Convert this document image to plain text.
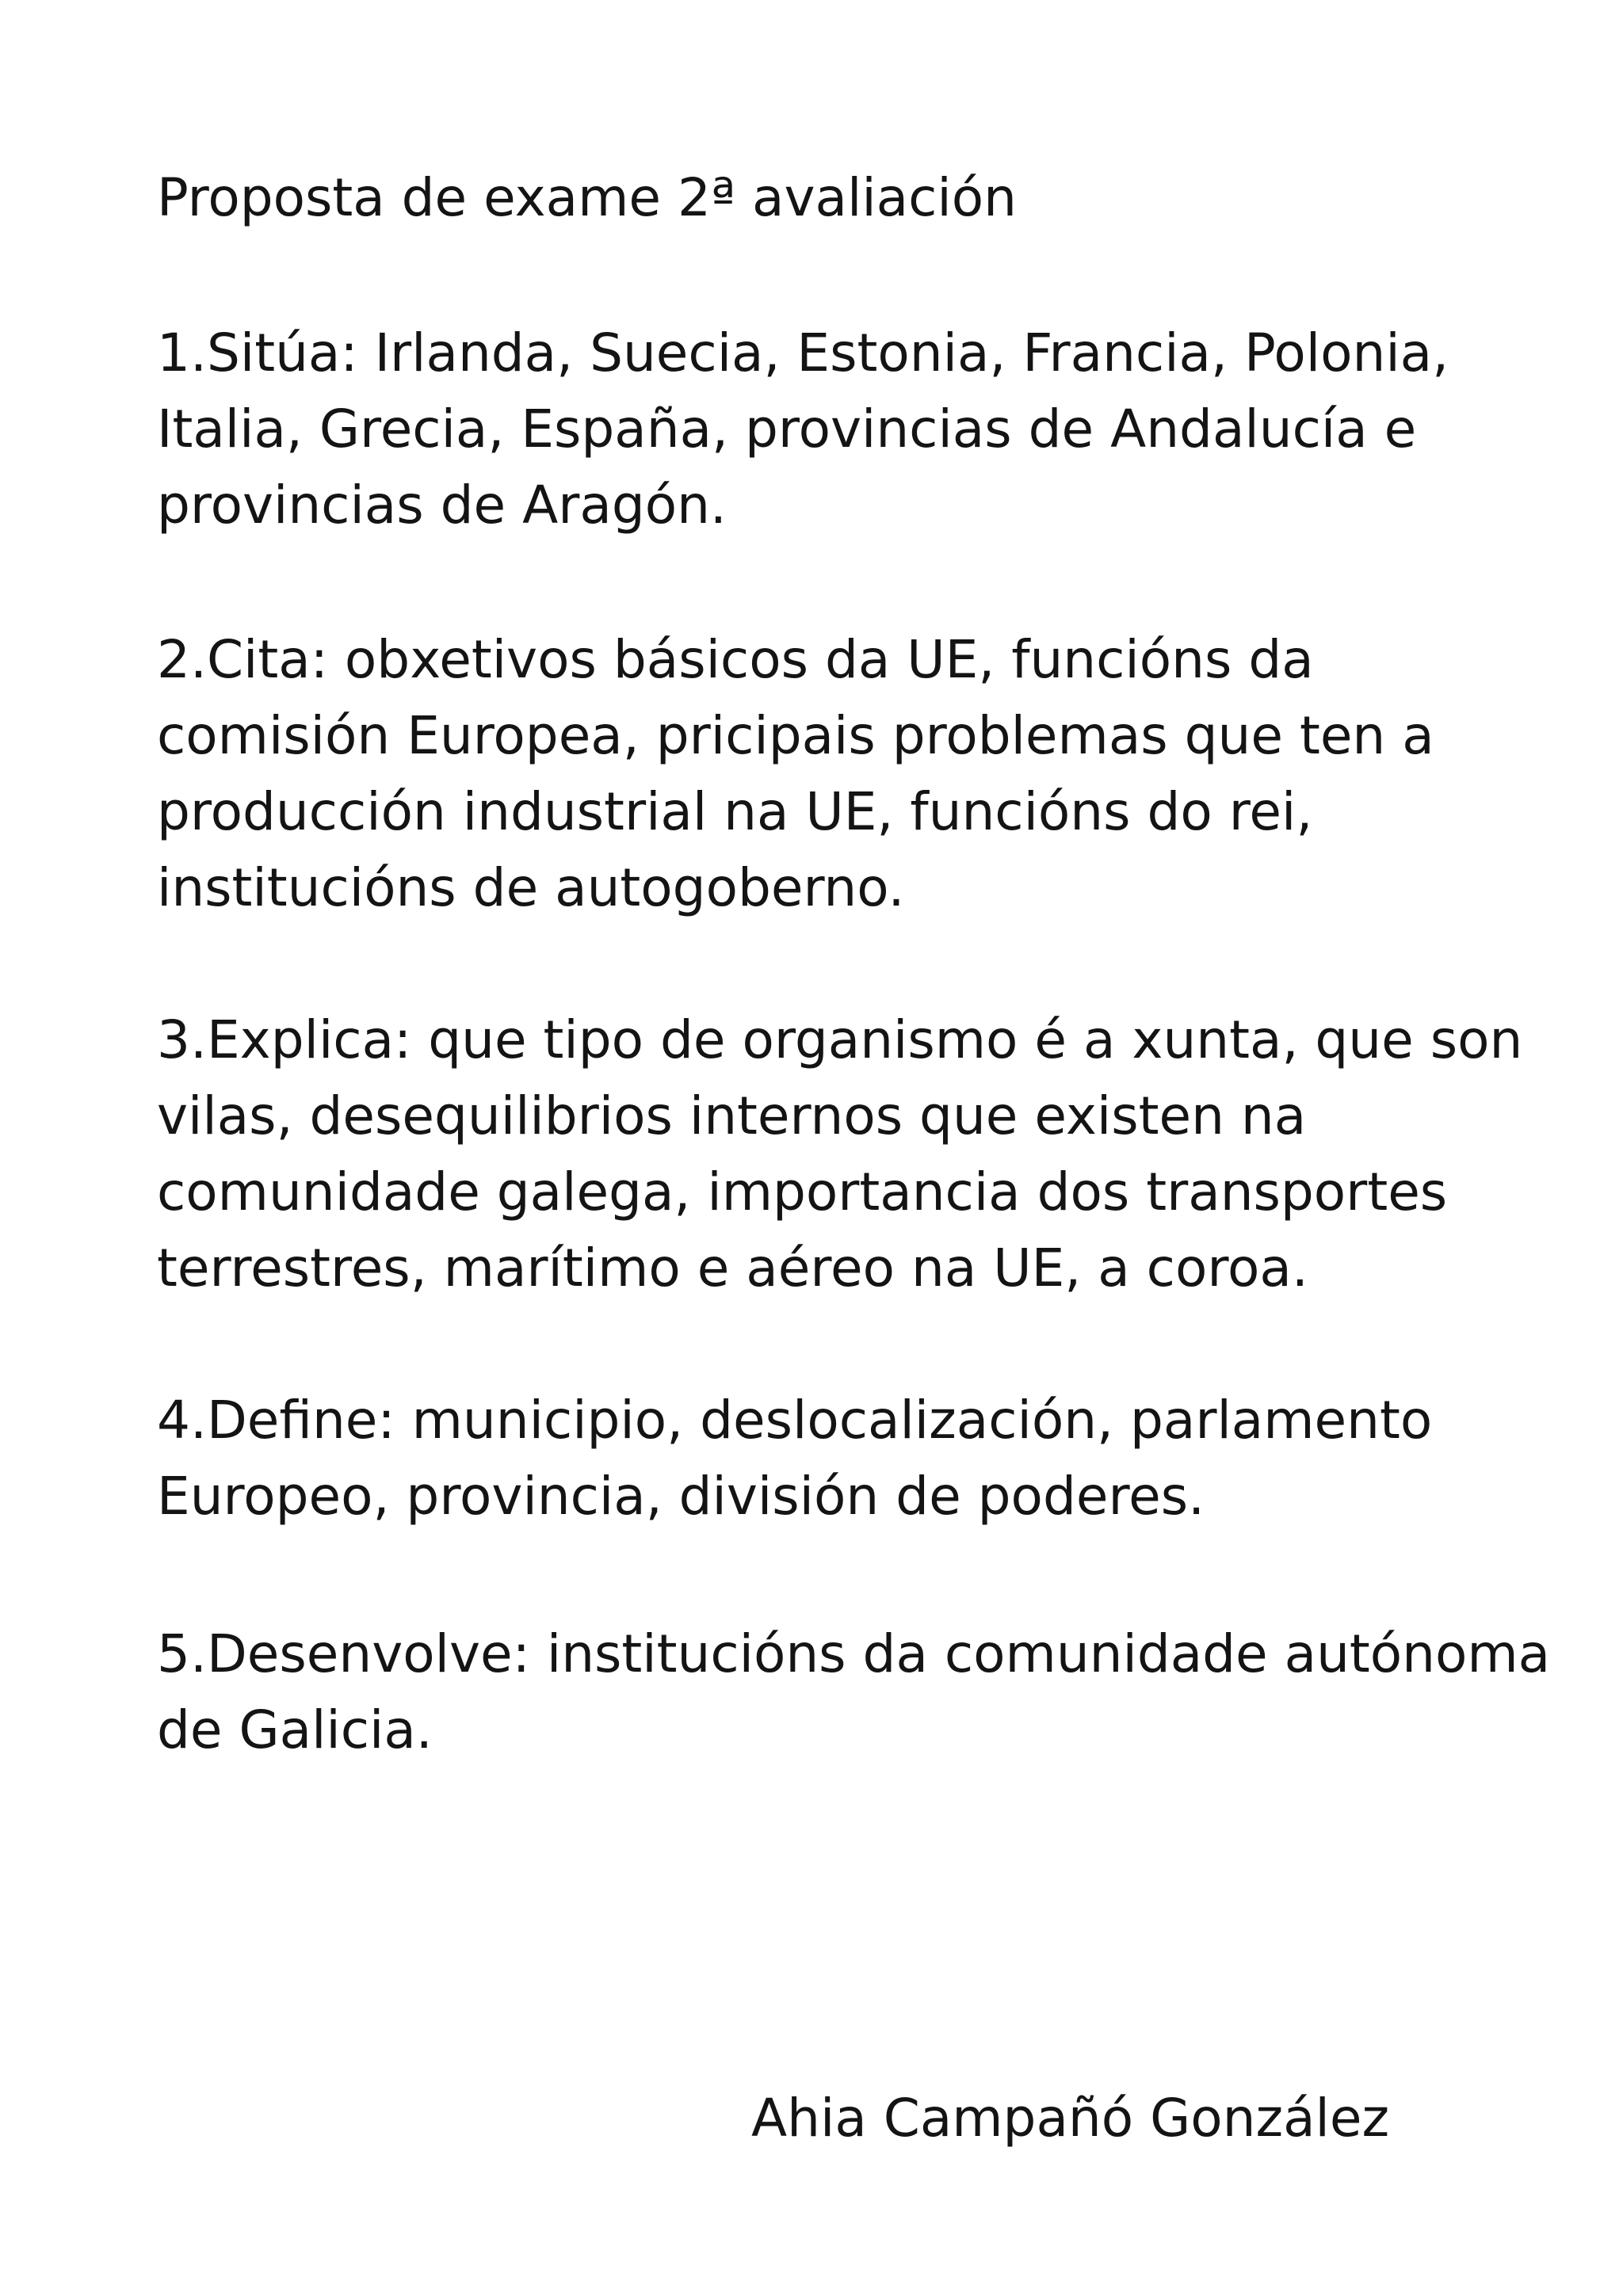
Proposta de exame 2ª avaliación
1.Sitúa: Irlanda, Suecia, Estonia, Francia, Polonia,
Italia, Grecia, España, provincias de Andalucía e
provincias de Aragón.
2.Cita: obxetivos básicos da UE, funcións da
comisión Europea, pricipais problemas que ten a
producción industrial na UE, funcións do rei,
institucións de autogoberno.
3.Explica: que tipo de organismo é a xunta, que son
vilas, desequilibrios internos que existen na
comunidade galega, importancia dos transportes
terrestres, marítimo e aéreo na UE, a coroa.
4.Define: municipio, deslocalización, parlamento
Europeo, provincia, división de poderes.
5.Desenvolve: institucións da comunidade autónoma
de Galicia.

Ahia Campañó González
